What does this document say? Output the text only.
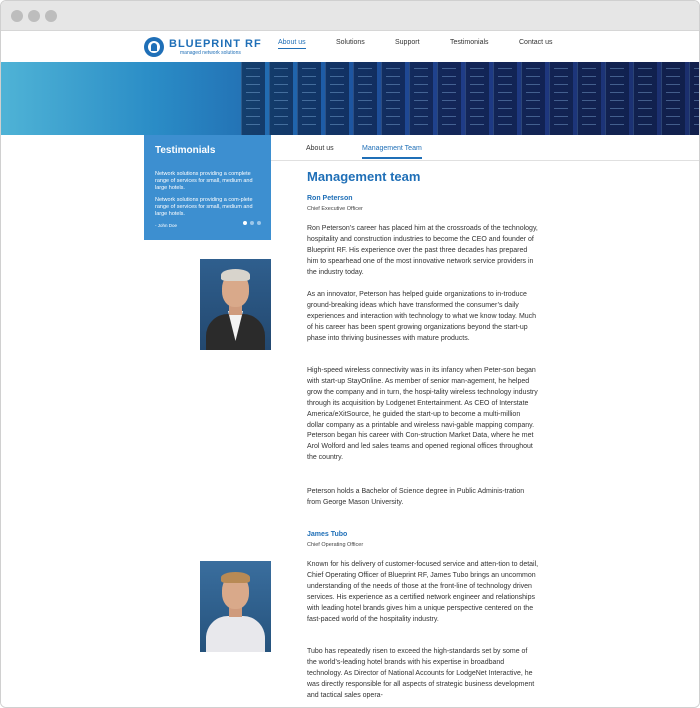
BLUEPRINT RF
managed network solutions
About us	Solutions	Support	Testimonials	Contact us
Testimonials

Network solutions providing a complete range of services for small, medium and large hotels.

Network solutions providing a com-plete range of services for small, medium and large hotels.

- John Doe
About us	Management Team
Management team
Ron Peterson
Chief Executive Officer
Ron Peterson’s career has placed him at the crossroads of the technology, hospitality and construction industries to become the CEO and founder of Blueprint RF. His experience over the past three decades has prepared him to spearhead one of the most innovative network service providers in the industry today.
As an innovator, Peterson has helped guide organizations to in-troduce ground-breaking ideas which have transformed the consumer’s daily experiences and interaction with technology to what we know today. Much of his career has been spent growing organizations beyond the start-up phase into thriving businesses with mature products.
High-speed wireless connectivity was in its infancy when Peter-son began with start-up StayOnline. As member of senior man-agement, he helped grow the company and in turn, the hospi-tality wireless technology industry through its acquisition by Lodgenet Entertainment. As CEO of Interstate America/eXitSource, he guided the start-up to become a multi-million dollar company as a printable and wireless navi-gable mapping company. Peterson began his career with Con-struction Market Data, where he met Arol Wolford and led sales teams and opened regional offices throughout the country.
Peterson holds a Bachelor of Science degree in Public Adminis-tration from George Mason University.
James Tubo
Chief Operating Officer
Known for his delivery of customer-focused service and atten-tion to detail, Chief Operating Officer of Blueprint RF, James Tubo brings an uncommon understanding of the needs of those at the front-line of technology driven services. His experience as a certified network engineer and relationships with leading hotel brands gives him a unique perspective centered on the fast-paced world of the hospitality industry.
Tubo has repeatedly risen to exceed the high-standards set by some of the world’s-leading hotel brands with his expertise in broadband technology. As Director of National Accounts for LodgeNet Interactive, he was directly responsible for all aspects of strategic business development and tactical sales opera-
